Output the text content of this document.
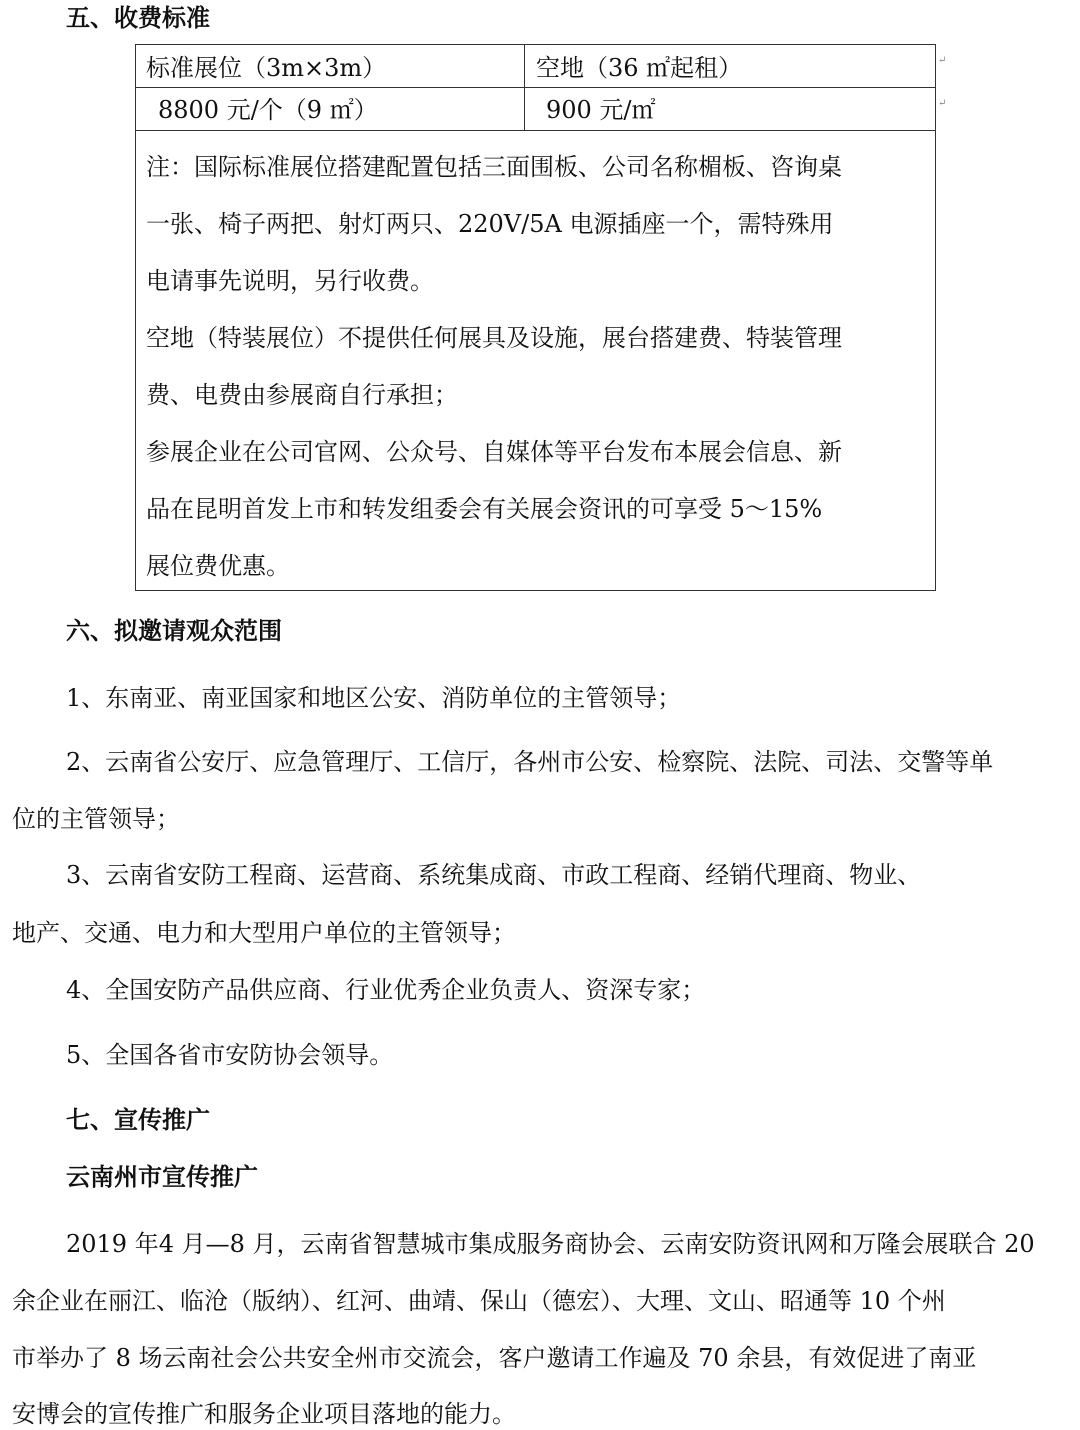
五、收费标准
标准展位（3m×3m）	空地（36 ㎡起租）
8800 元/个（9 ㎡）	900 元/㎡
注：国际标准展位搭建配置包括三面围板、公司名称楣板、咨询桌
一张、椅子两把、射灯两只、220V/5A 电源插座一个，需特殊用
电请事先说明，另行收费。
空地（特装展位）不提供任何展具及设施，展台搭建费、特装管理
费、电费由参展商自行承担；
参展企业在公司官网、公众号、自媒体等平台发布本展会信息、新
品在昆明首发上市和转发组委会有关展会资讯的可享受 5～15%
展位费优惠。
↵
↵
六、拟邀请观众范围
1、东南亚、南亚国家和地区公安、消防单位的主管领导；
2、云南省公安厅、应急管理厅、工信厅，各州市公安、检察院、法院、司法、交警等单
位的主管领导；
3、云南省安防工程商、运营商、系统集成商、市政工程商、经销代理商、物业、
地产、交通、电力和大型用户单位的主管领导；
4、全国安防产品供应商、行业优秀企业负责人、资深专家；
5、全国各省市安防协会领导。
七、宣传推广
云南州市宣传推广
2019 年4 月—8 月，云南省智慧城市集成服务商协会、云南安防资讯网和万隆会展联合 20
余企业在丽江、临沧（版纳）、红河、曲靖、保山（德宏）、大理、文山、昭通等 10 个州
市举办了 8 场云南社会公共安全州市交流会，客户邀请工作遍及 70 余县，有效促进了南亚
安博会的宣传推广和服务企业项目落地的能力。
